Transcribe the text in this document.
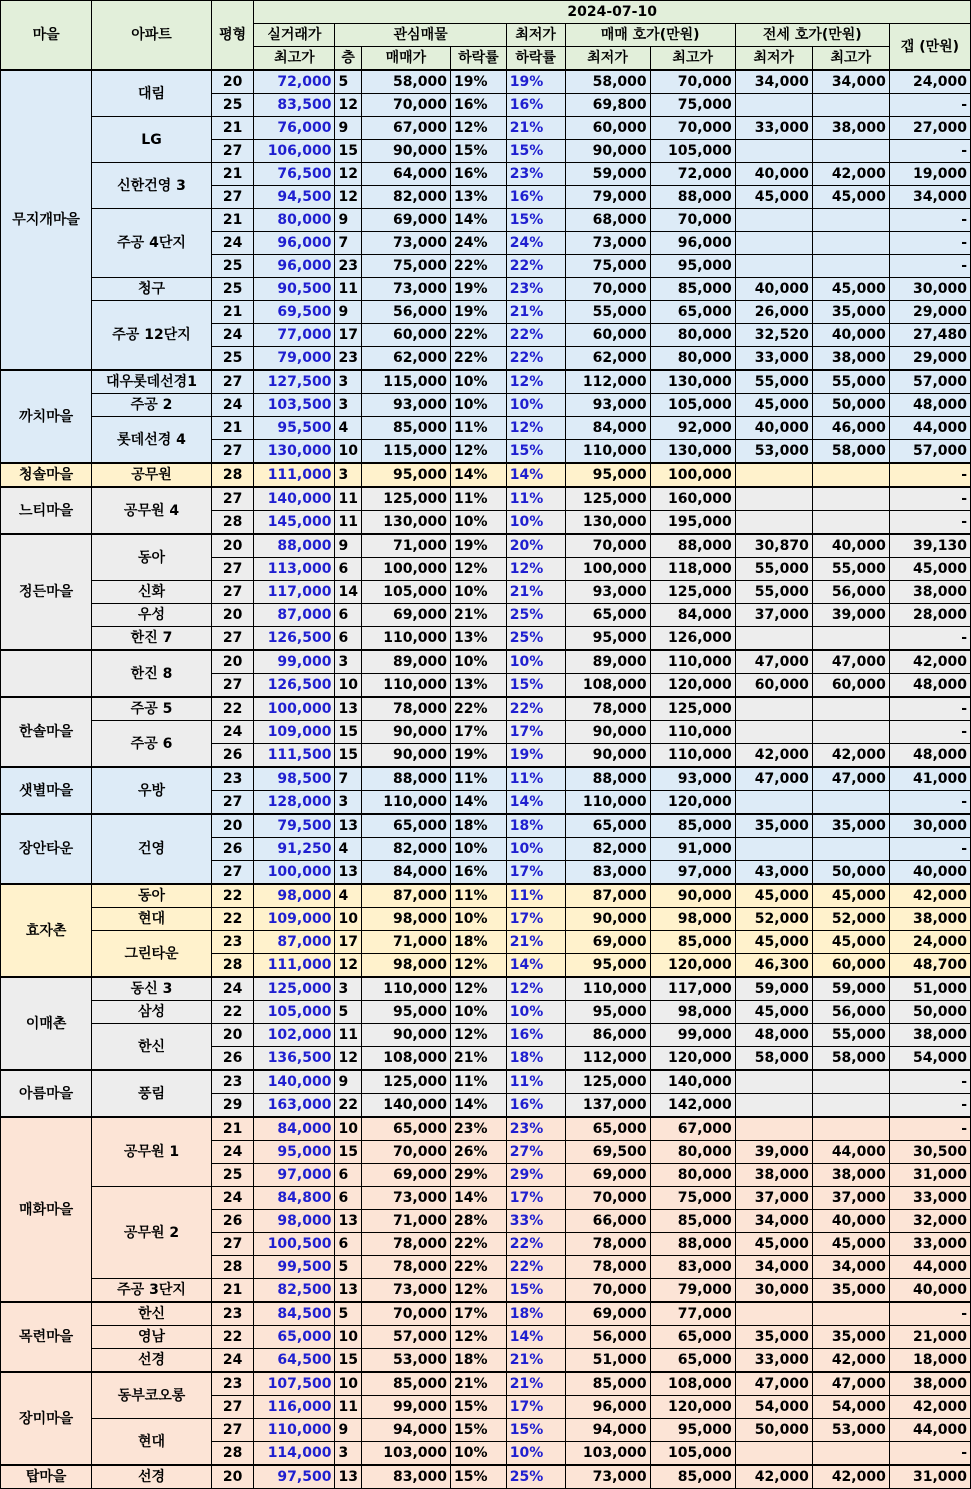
마을	아파트	평형	2024-07-10									
			실거래가	관심매물			최저가	매매 호가(만원)		전세 호가(만원)		갭 (만원)
			최고가	층	매매가	하락률	하락률	최저가	최고가	최저가	최고가	
무지개마을	대림	20	72,000	5	58,000	19%	19%	58,000	70,000	34,000	34,000	24,000
		25	83,500	12	70,000	16%	16%	69,800	75,000			-
	LG	21	76,000	9	67,000	12%	21%	60,000	70,000	33,000	38,000	27,000
		27	106,000	15	90,000	15%	15%	90,000	105,000			-
	신한건영 3	21	76,500	12	64,000	16%	23%	59,000	72,000	40,000	42,000	19,000
		27	94,500	12	82,000	13%	16%	79,000	88,000	45,000	45,000	34,000
	주공 4단지	21	80,000	9	69,000	14%	15%	68,000	70,000			-
		24	96,000	7	73,000	24%	24%	73,000	96,000			-
		25	96,000	23	75,000	22%	22%	75,000	95,000			-
	청구	25	90,500	11	73,000	19%	23%	70,000	85,000	40,000	45,000	30,000
	주공 12단지	21	69,500	9	56,000	19%	21%	55,000	65,000	26,000	35,000	29,000
		24	77,000	17	60,000	22%	22%	60,000	80,000	32,520	40,000	27,480
		25	79,000	23	62,000	22%	22%	62,000	80,000	33,000	38,000	29,000
까치마을	대우롯데선경1	27	127,500	3	115,000	10%	12%	112,000	130,000	55,000	55,000	57,000
	주공 2	24	103,500	3	93,000	10%	10%	93,000	105,000	45,000	50,000	48,000
	롯데선경 4	21	95,500	4	85,000	11%	12%	84,000	92,000	40,000	46,000	44,000
		27	130,000	10	115,000	12%	15%	110,000	130,000	53,000	58,000	57,000
청솔마을	공무원	28	111,000	3	95,000	14%	14%	95,000	100,000			-
느티마을	공무원 4	27	140,000	11	125,000	11%	11%	125,000	160,000			-
		28	145,000	11	130,000	10%	10%	130,000	195,000			-
정든마을	동아	20	88,000	9	71,000	19%	20%	70,000	88,000	30,870	40,000	39,130
		27	113,000	6	100,000	12%	12%	100,000	118,000	55,000	55,000	45,000
	신화	27	117,000	14	105,000	10%	21%	93,000	125,000	55,000	56,000	38,000
	우성	20	87,000	6	69,000	21%	25%	65,000	84,000	37,000	39,000	28,000
	한진 7	27	126,500	6	110,000	13%	25%	95,000	126,000			-
	한진 8	20	99,000	3	89,000	10%	10%	89,000	110,000	47,000	47,000	42,000
		27	126,500	10	110,000	13%	15%	108,000	120,000	60,000	60,000	48,000
한솔마을	주공 5	22	100,000	13	78,000	22%	22%	78,000	125,000			-
	주공 6	24	109,000	15	90,000	17%	17%	90,000	110,000			-
		26	111,500	15	90,000	19%	19%	90,000	110,000	42,000	42,000	48,000
샛별마을	우방	23	98,500	7	88,000	11%	11%	88,000	93,000	47,000	47,000	41,000
		27	128,000	3	110,000	14%	14%	110,000	120,000			-
장안타운	건영	20	79,500	13	65,000	18%	18%	65,000	85,000	35,000	35,000	30,000
		26	91,250	4	82,000	10%	10%	82,000	91,000			-
		27	100,000	13	84,000	16%	17%	83,000	97,000	43,000	50,000	40,000
효자촌	동아	22	98,000	4	87,000	11%	11%	87,000	90,000	45,000	45,000	42,000
	현대	22	109,000	10	98,000	10%	17%	90,000	98,000	52,000	52,000	38,000
	그린타운	23	87,000	17	71,000	18%	21%	69,000	85,000	45,000	45,000	24,000
		28	111,000	12	98,000	12%	14%	95,000	120,000	46,300	60,000	48,700
이매촌	동신 3	24	125,000	3	110,000	12%	12%	110,000	117,000	59,000	59,000	51,000
	삼성	22	105,000	5	95,000	10%	10%	95,000	98,000	45,000	56,000	50,000
	한신	20	102,000	11	90,000	12%	16%	86,000	99,000	48,000	55,000	38,000
		26	136,500	12	108,000	21%	18%	112,000	120,000	58,000	58,000	54,000
아름마을	풍림	23	140,000	9	125,000	11%	11%	125,000	140,000			-
		29	163,000	22	140,000	14%	16%	137,000	142,000			-
매화마을	공무원 1	21	84,000	10	65,000	23%	23%	65,000	67,000			-
		24	95,000	15	70,000	26%	27%	69,500	80,000	39,000	44,000	30,500
		25	97,000	6	69,000	29%	29%	69,000	80,000	38,000	38,000	31,000
	공무원 2	24	84,800	6	73,000	14%	17%	70,000	75,000	37,000	37,000	33,000
		26	98,000	13	71,000	28%	33%	66,000	85,000	34,000	40,000	32,000
		27	100,500	6	78,000	22%	22%	78,000	88,000	45,000	45,000	33,000
		28	99,500	5	78,000	22%	22%	78,000	83,000	34,000	34,000	44,000
	주공 3단지	21	82,500	13	73,000	12%	15%	70,000	79,000	30,000	35,000	40,000
목련마을	한신	23	84,500	5	70,000	17%	18%	69,000	77,000			-
	영남	22	65,000	10	57,000	12%	14%	56,000	65,000	35,000	35,000	21,000
	선경	24	64,500	15	53,000	18%	21%	51,000	65,000	33,000	42,000	18,000
장미마을	동부코오롱	23	107,500	10	85,000	21%	21%	85,000	108,000	47,000	47,000	38,000
		27	116,000	11	99,000	15%	17%	96,000	120,000	54,000	54,000	42,000
	현대	27	110,000	9	94,000	15%	15%	94,000	95,000	50,000	53,000	44,000
		28	114,000	3	103,000	10%	10%	103,000	105,000			-
탑마을	선경	20	97,500	13	83,000	15%	25%	73,000	85,000	42,000	42,000	31,000
